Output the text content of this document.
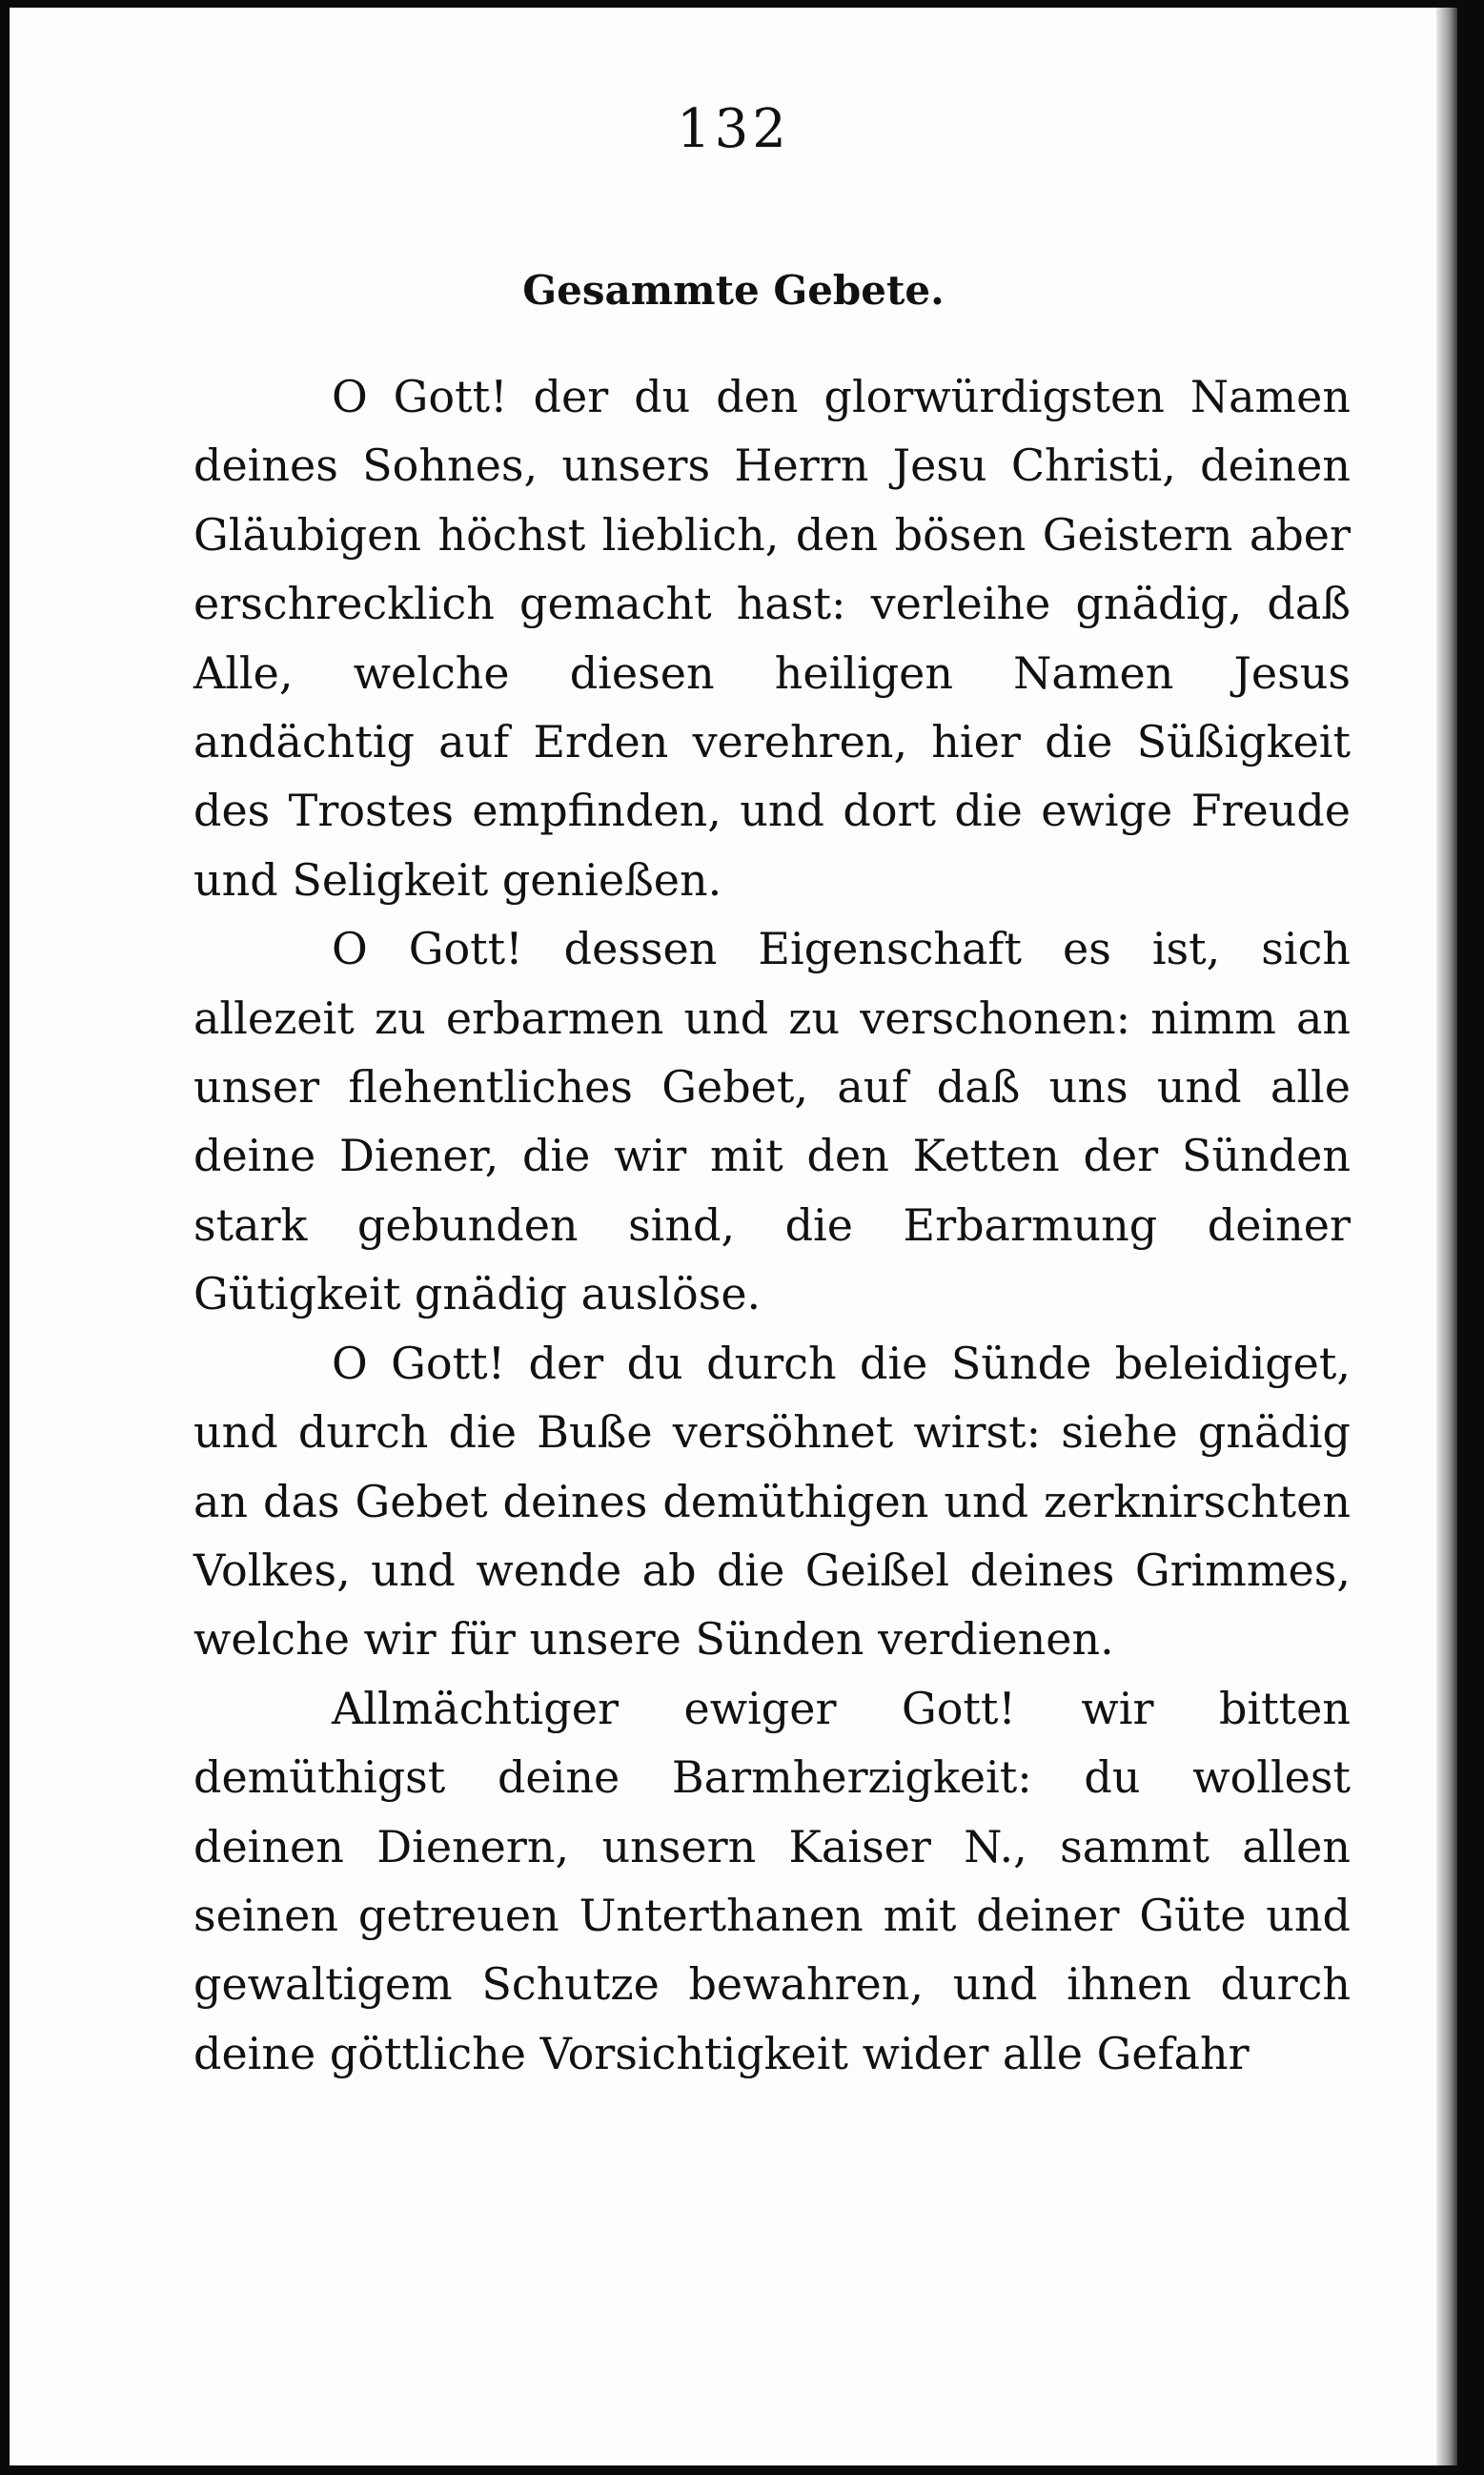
132
Gesammte Gebete.

O Gott! der du den glorwürdigsten Namen deines Sohnes, unsers Herrn Jesu Christi, deinen Gläubigen höchst lieblich, den bösen Geistern aber erschrecklich gemacht hast: verleihe gnädig, daß Alle, welche diesen heiligen Namen Jesus andächtig auf Erden verehren, hier die Süßigkeit des Trostes empfinden, und dort die ewige Freude und Seligkeit genießen.

O Gott! dessen Eigenschaft es ist, sich allezeit zu erbarmen und zu verschonen: nimm an unser flehentliches Gebet, auf daß uns und alle deine Diener, die wir mit den Ketten der Sünden stark gebunden sind, die Erbarmung deiner Gütigkeit gnädig auslöse.

O Gott! der du durch die Sünde beleidiget, und durch die Buße versöhnet wirst: siehe gnädig an das Gebet deines demüthigen und zerknirschten Volkes, und wende ab die Geißel deines Grimmes, welche wir für unsere Sünden verdienen.

Allmächtiger ewiger Gott! wir bitten demüthigst deine Barmherzigkeit: du wollest deinen Dienern, unsern Kaiser N., sammt allen seinen getreuen Unterthanen mit deiner Güte und gewaltigem Schutze bewahren, und ihnen durch deine göttliche Vorsichtigkeit wider alle Gefahr
